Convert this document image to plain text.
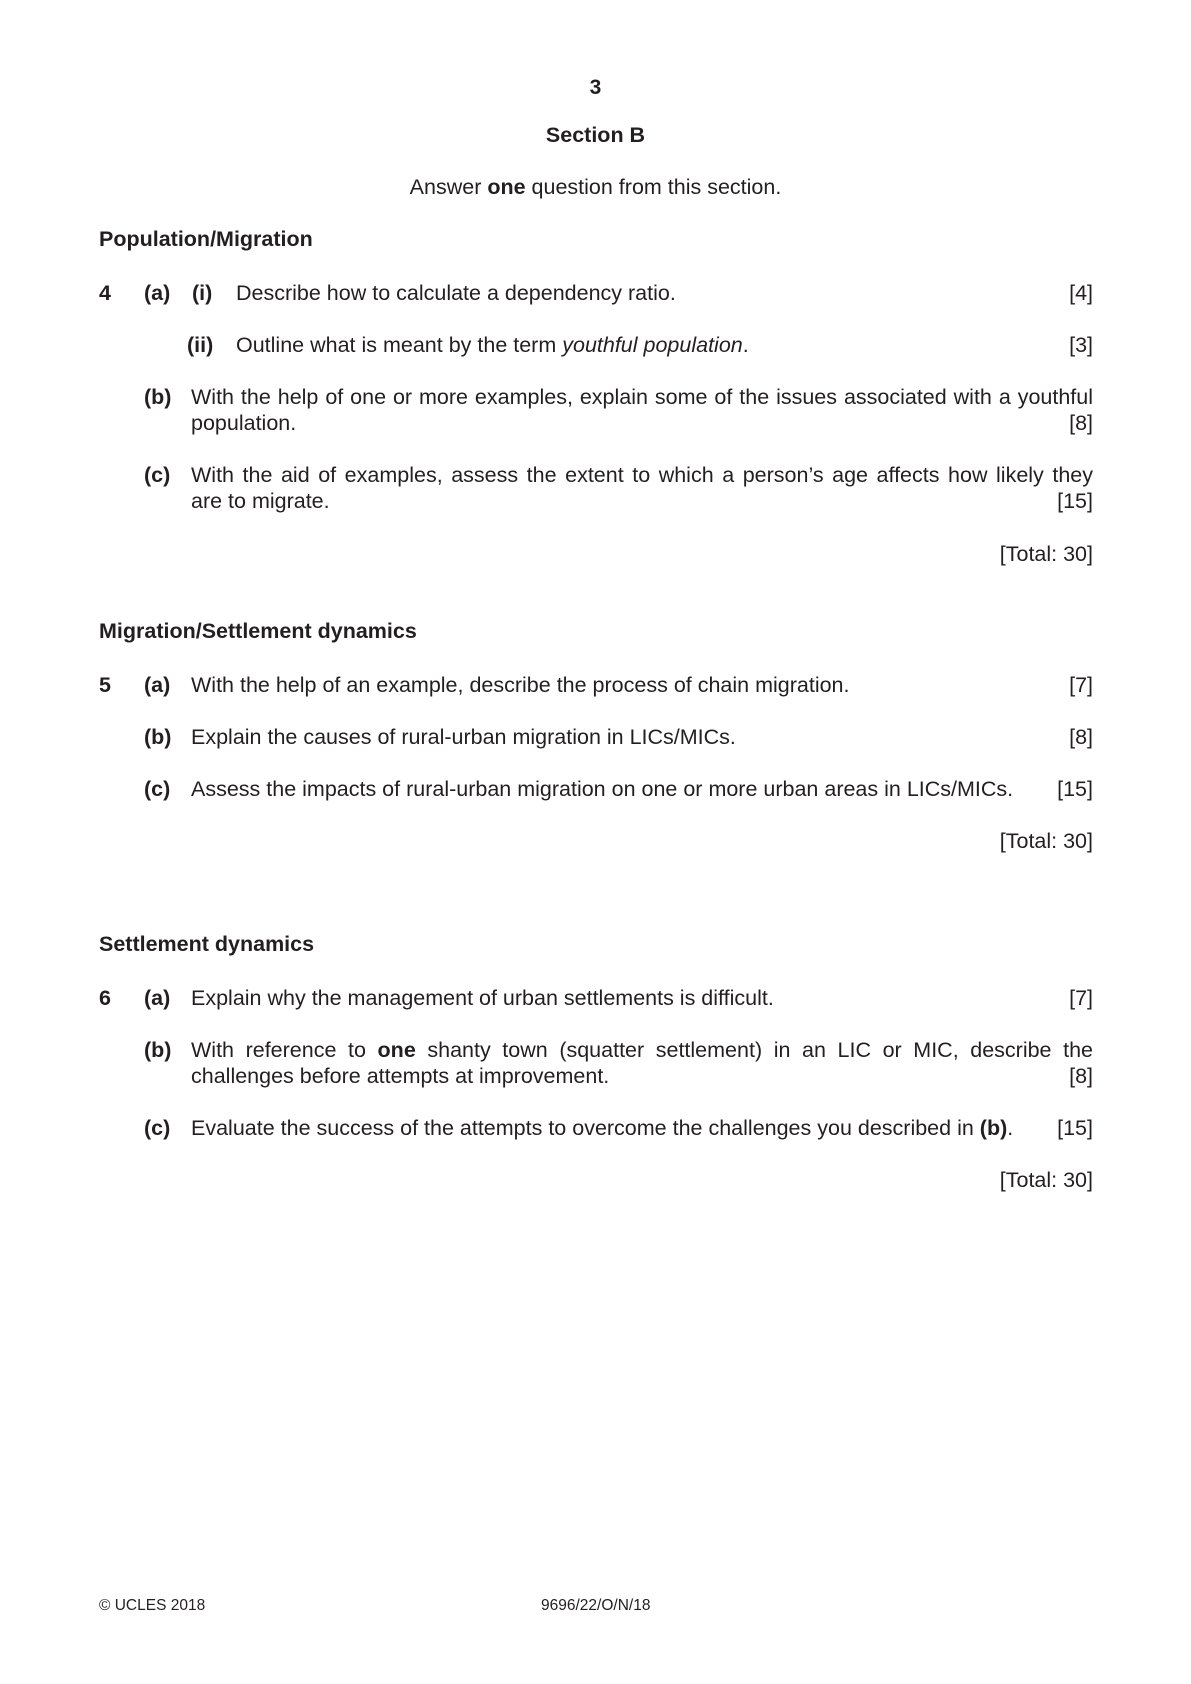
3
Section B
Answer one question from this section.
Population/Migration
4 (a) (i) Describe how to calculate a dependency ratio.	[4]
(ii) Outline what is meant by the term youthful population.	[3]
(b) With the help of one or more examples, explain some of the issues associated with a youthful
population.	[8]
(c) With the aid of examples, assess the extent to which a person’s age affects how likely they
are to migrate.	[15]
[Total: 30]
Migration/Settlement dynamics
5 (a) With the help of an example, describe the process of chain migration.	[7]
(b) Explain the causes of rural-urban migration in LICs/MICs.	[8]
(c) Assess the impacts of rural-urban migration on one or more urban areas in LICs/MICs.	[15]
[Total: 30]
Settlement dynamics
6 (a) Explain why the management of urban settlements is difficult.	[7]
(b) With reference to one shanty town (squatter settlement) in an LIC or MIC, describe the
challenges before attempts at improvement.	[8]
(c) Evaluate the success of the attempts to overcome the challenges you described in (b).	[15]
[Total: 30]
© UCLES 2018	9696/22/O/N/18
